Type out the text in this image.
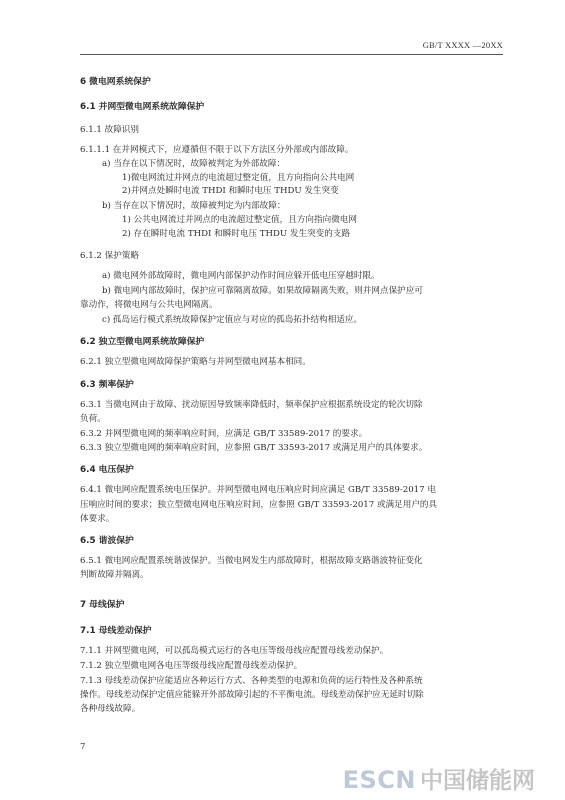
GB/T XXXX —20XX
6 微电网系统保护
6.1 并网型微电网系统故障保护
6.1.1 故障识别
6.1.1.1 在并网模式下，应遵循但不限于以下方法区分外部或内部故障。
a) 当存在以下情况时，故障被判定为外部故障：
1)微电网流过并网点的电流超过整定值，且方向指向公共电网
2)并网点处瞬时电流 THDI 和瞬时电压 THDU 发生突变
b) 当存在以下情况时，故障被判定为内部故障：
1) 公共电网流过并网点的电流超过整定值，且方向指向微电网
2) 存在瞬时电流 THDI 和瞬时电压 THDU 发生突变的支路
6.1.2 保护策略
a) 微电网外部故障时，微电网内部保护动作时间应躲开低电压穿越时限。
b) 微电网内部故障时，保护应可靠隔离故障。如果故障隔离失败，则并网点保护应可
靠动作，将微电网与公共电网隔离。
c) 孤岛运行模式系统故障保护定值应与对应的孤岛拓扑结构相适应。
6.2 独立型微电网系统故障保护
6.2.1 独立型微电网故障保护策略与并网型微电网基本相同。
6.3 频率保护
6.3.1 当微电网由于故障、扰动原因导致频率降低时，频率保护应根据系统设定的轮次切除
负荷。
6.3.2 并网型微电网的频率响应时间，应满足 GB/T 33589-2017 的要求。
6.3.3 独立型微电网的频率响应时间，应参照 GB/T 33593-2017 或满足用户的具体要求。
6.4 电压保护
6.4.1 微电网应配置系统电压保护。并网型微电网电压响应时间应满足 GB/T 33589-2017 电
压响应时间的要求；独立型微电网电压响应时间，应参照 GB/T 33593-2017 或满足用户的具
体要求。
6.5 谐波保护
6.5.1 微电网应配置系统谐波保护。当微电网发生内部故障时，根据故障支路谐波特征变化
判断故障并隔离。
7 母线保护
7.1 母线差动保护
7.1.1 并网型微电网，可以孤岛模式运行的各电压等级母线应配置母线差动保护。
7.1.2 独立型微电网各电压等级母线应配置母线差动保护。
7.1.3 母线差动保护应能适应各种运行方式、各种类型的电源和负荷的运行特性及各种系统
操作。母线差动保护定值应能躲开外部故障引起的不平衡电流。母线差动保护应无延时切除
各种母线故障。
7
ESCN 中国储能网
